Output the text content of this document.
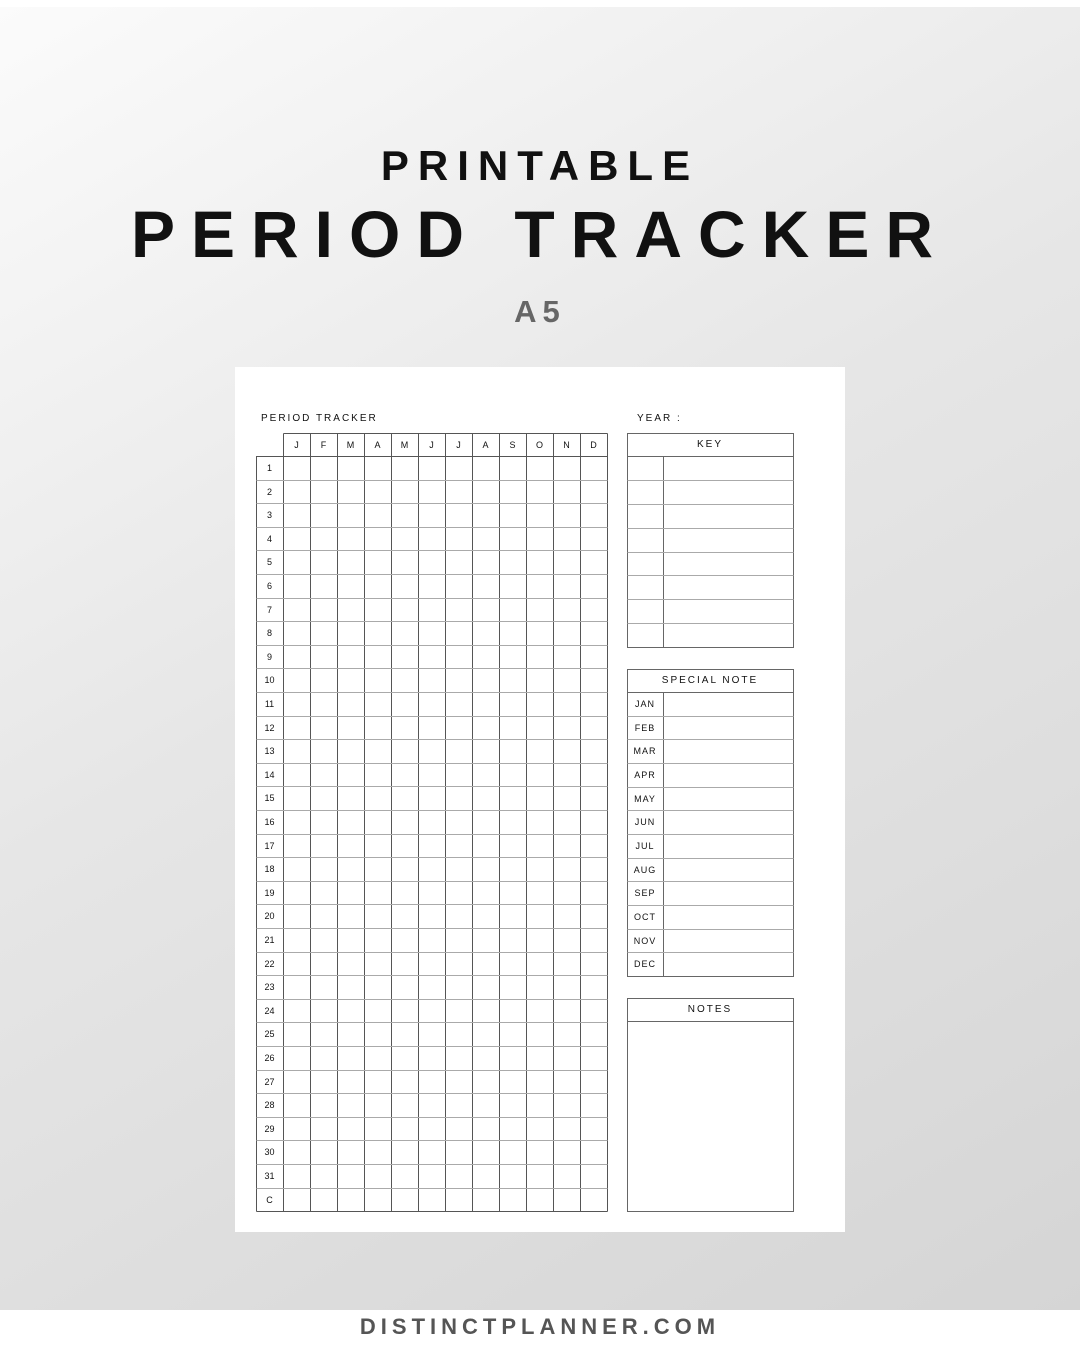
PRINTABLE
PERIOD TRACKER
A5
PERIOD TRACKER	YEAR :
J	F	M	A	M	J	J	A	S	O	N	D
1
2
3
4
5
6
7
8
9
10
11
12
13
14
15
16
17
18
19
20
21
22
23
24
25
26
27
28
29
30
31
C
KEY
SPECIAL NOTE
JAN
FEB
MAR
APR
MAY
JUN
JUL
AUG
SEP
OCT
NOV
DEC
NOTES
DISTINCTPLANNER.COM
